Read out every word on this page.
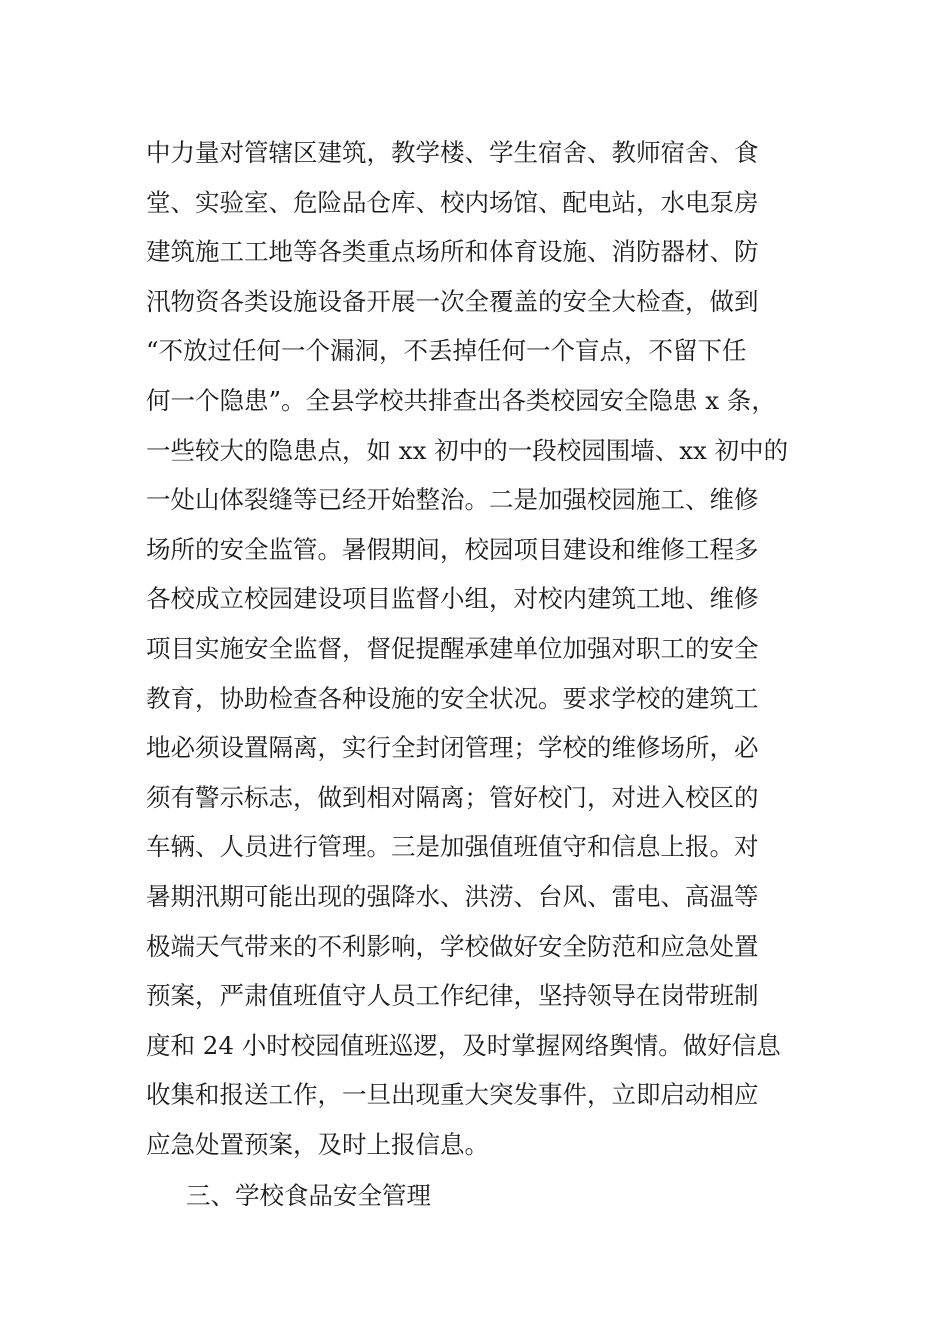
中力量对管辖区建筑，教学楼、学生宿舍、教师宿舍、食
堂、实验室、危险品仓库、校内场馆、配电站，水电泵房
建筑施工工地等各类重点场所和体育设施、消防器材、防
汛物资各类设施设备开展一次全覆盖的安全大检查，做到
“不放过任何一个漏洞，不丢掉任何一个盲点，不留下任
何一个隐患”。全县学校共排查出各类校园安全隐患 x 条，
一些较大的隐患点，如 xx 初中的一段校园围墙、xx 初中的
一处山体裂缝等已经开始整治。二是加强校园施工、维修
场所的安全监管。暑假期间，校园项目建设和维修工程多
各校成立校园建设项目监督小组，对校内建筑工地、维修
项目实施安全监督，督促提醒承建单位加强对职工的安全
教育，协助检查各种设施的安全状况。要求学校的建筑工
地必须设置隔离，实行全封闭管理；学校的维修场所，必
须有警示标志，做到相对隔离；管好校门，对进入校区的
车辆、人员进行管理。三是加强值班值守和信息上报。对
暑期汛期可能出现的强降水、洪涝、台风、雷电、高温等
极端天气带来的不利影响，学校做好安全防范和应急处置
预案，严肃值班值守人员工作纪律，坚持领导在岗带班制
度和 24 小时校园值班巡逻，及时掌握网络舆情。做好信息
收集和报送工作，一旦出现重大突发事件，立即启动相应
应急处置预案，及时上报信息。
三、学校食品安全管理
